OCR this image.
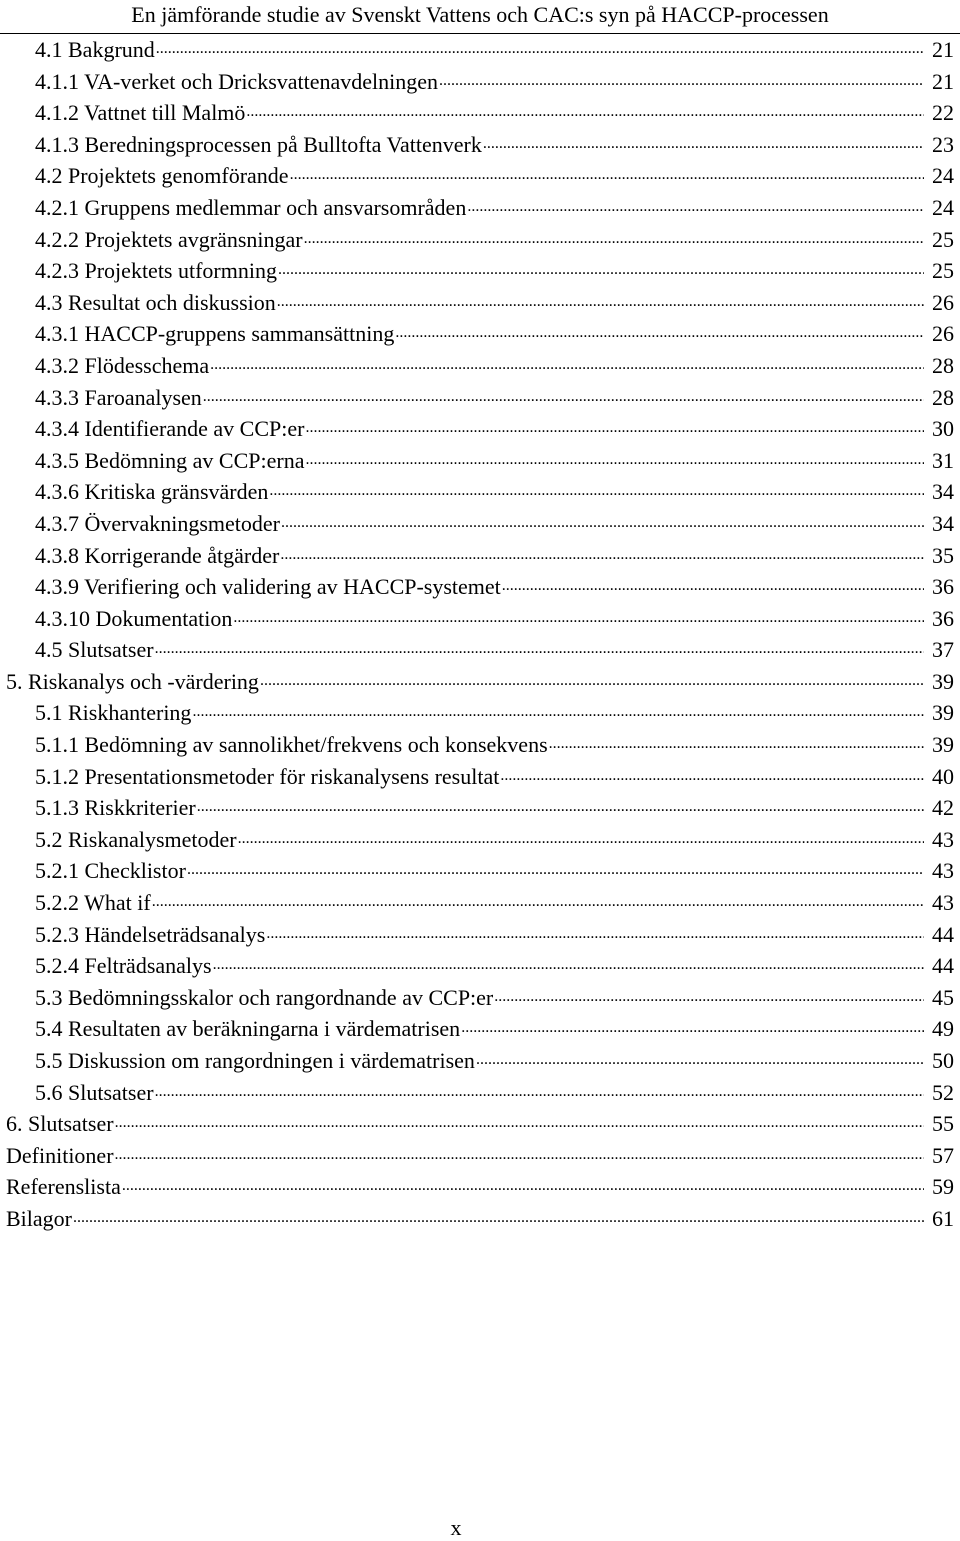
En jämförande studie av Svenskt Vattens och CAC:s syn på HACCP-processen
4.1 Bakgrund .....	21
4.1.1 VA-verket och Dricksvattenavdelningen .....	21
4.1.2 Vattnet till Malmö .....	22
4.1.3 Beredningsprocessen på Bulltofta Vattenverk .....	23
4.2 Projektets genomförande .....	24
4.2.1 Gruppens medlemmar och ansvarsområden .....	24
4.2.2 Projektets avgränsningar .....	25
4.2.3 Projektets utformning .....	25
4.3 Resultat och diskussion .....	26
4.3.1 HACCP-gruppens sammansättning .....	26
4.3.2 Flödesschema .....	28
4.3.3 Faroanalysen .....	28
4.3.4 Identifierande av CCP:er .....	30
4.3.5 Bedömning av CCP:erna .....	31
4.3.6 Kritiska gränsvärden .....	34
4.3.7 Övervakningsmetoder .....	34
4.3.8 Korrigerande åtgärder .....	35
4.3.9 Verifiering och validering av HACCP-systemet .....	36
4.3.10 Dokumentation .....	36
4.5 Slutsatser .....	37
5. Riskanalys och -värdering .....	39
5.1 Riskhantering .....	39
5.1.1 Bedömning av sannolikhet/frekvens och konsekvens .....	39
5.1.2 Presentationsmetoder för riskanalysens resultat .....	40
5.1.3 Riskkriterier .....	42
5.2 Riskanalysmetoder .....	43
5.2.1 Checklistor .....	43
5.2.2 What if .....	43
5.2.3 Händelseträdsanalys .....	44
5.2.4 Felträdsanalys .....	44
5.3 Bedömningsskalor och rangordnande av CCP:er .....	45
5.4 Resultaten av beräkningarna i värdematrisen .....	49
5.5 Diskussion om rangordningen i värdematrisen .....	50
5.6 Slutsatser .....	52
6. Slutsatser .....	55
Definitioner .....	57
Referenslista .....	59
Bilagor .....	61
x
